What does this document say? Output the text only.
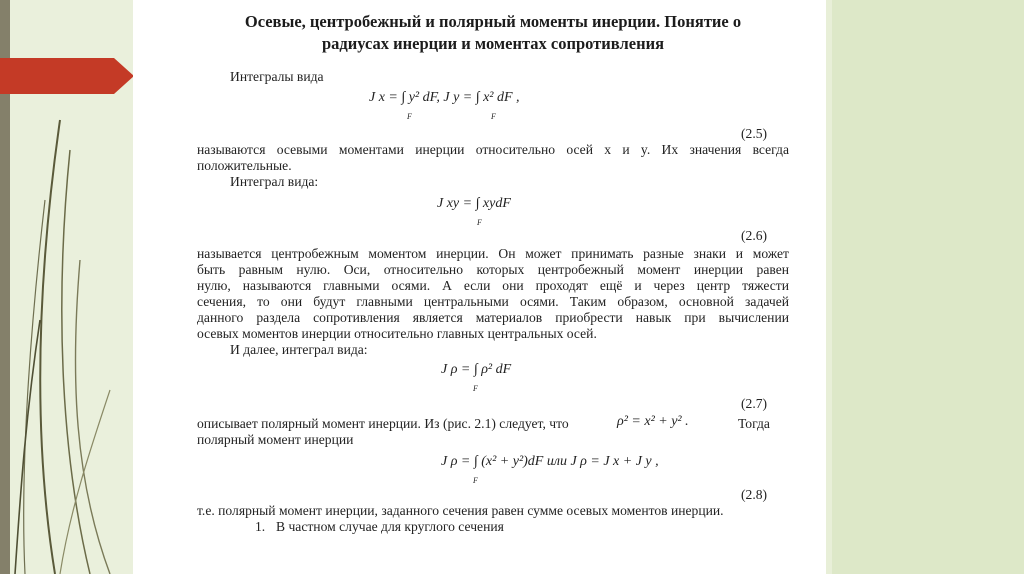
Осевые, центробежный и полярный моменты инерции. Понятие о
радиусах инерции и моментах сопротивления
Интегралы вида
J x = ∫ y² dF, J y = ∫ x² dF ,
F	F
(2.5)
называются осевыми моментами инерции относительно осей x и y. Их значения всегда
положительные.
Интеграл вида:
J xy = ∫ xydF
F
(2.6)
называется центробежным моментом инерции. Он может принимать разные знаки и может
быть равным нулю. Оси, относительно которых центробежный момент инерции равен
нулю, называются главными осями. А если они проходят ещё и через центр тяжести
сечения, то они будут главными центральными осями. Таким образом, основной задачей
данного раздела сопротивления является материалов приобрести навык при вычислении
осевых моментов инерции относительно главных центральных осей.
И далее, интеграл вида:
J ρ = ∫ ρ² dF
F
(2.7)
описывает полярный момент инерции. Из (рис. 2.1) следует, что	ρ² = x² + y² .	Тогда
полярный момент инерции
J ρ = ∫ (x² + y²)dF или J ρ = J x + J y ,
F
(2.8)
т.е. полярный момент инерции, заданного сечения равен сумме осевых моментов инерции.
1. В частном случае для круглого сечения
